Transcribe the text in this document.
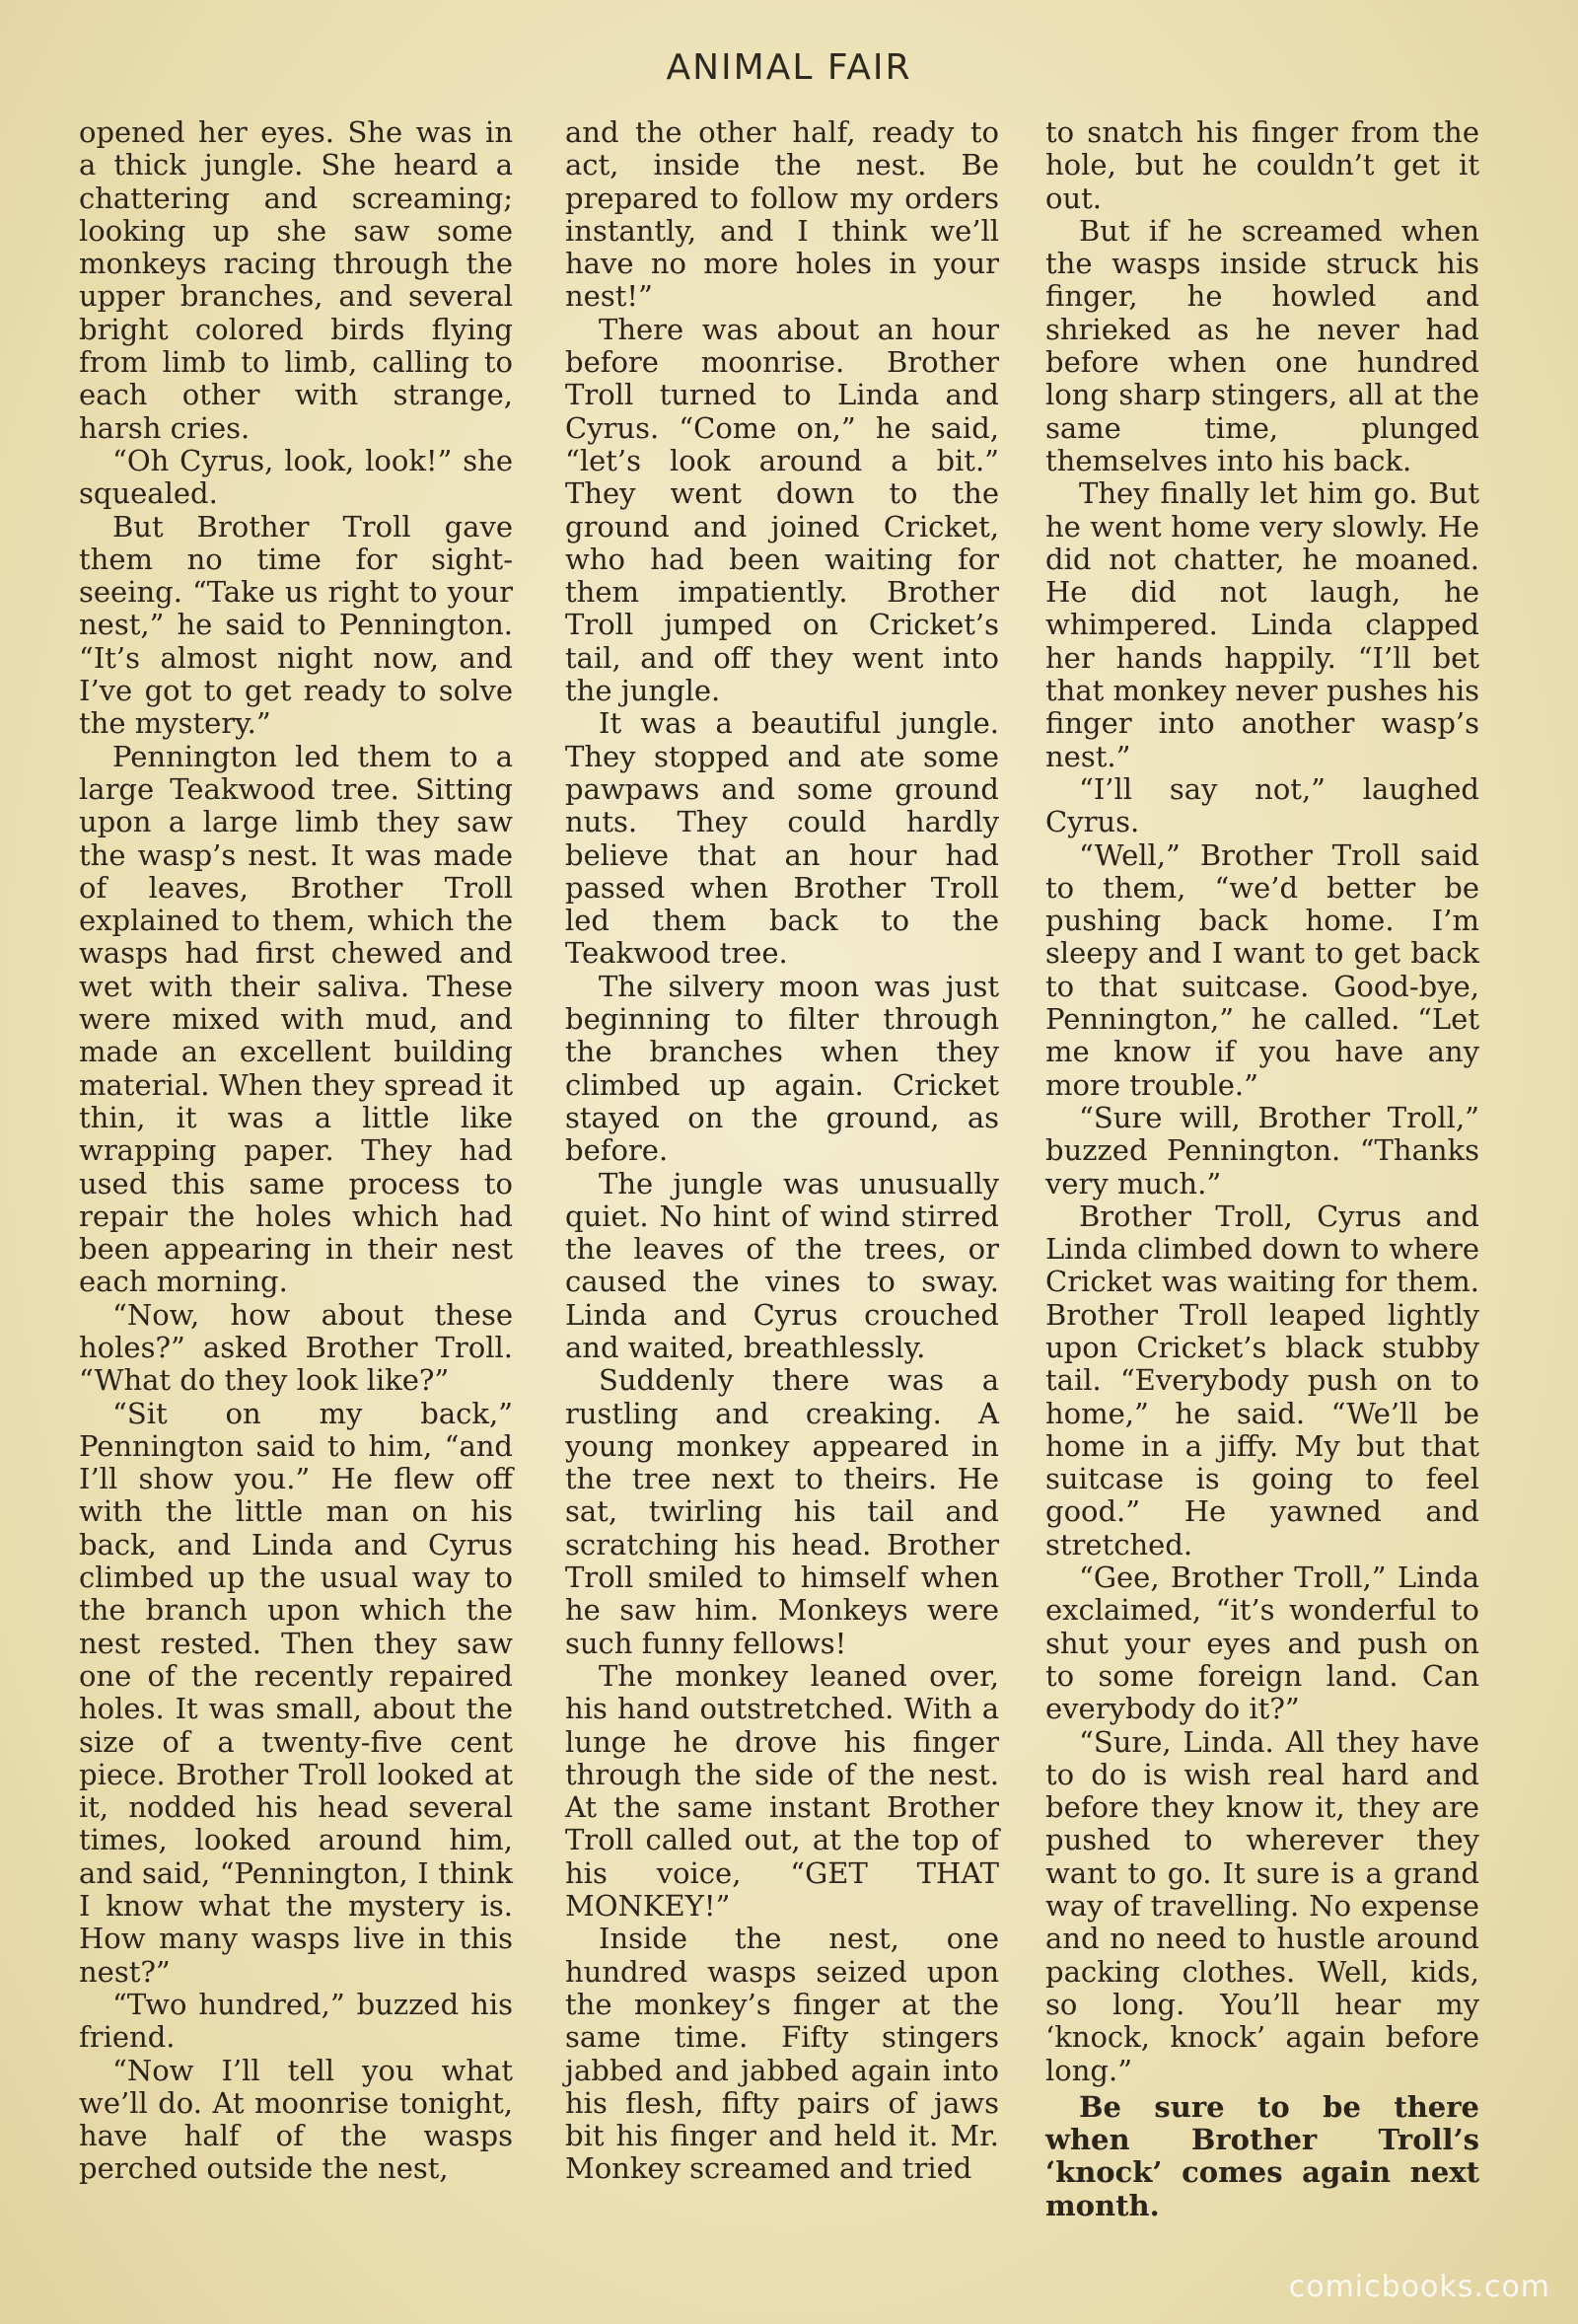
ANIMAL FAIR

opened her eyes. She was in a thick jungle. She heard a chattering and screaming; looking up she saw some monkeys racing through the upper branches, and several bright colored birds flying from limb to limb, calling to each other with strange, harsh cries.

“Oh Cyrus, look, look!” she squealed.

But Brother Troll gave them no time for sight-seeing. “Take us right to your nest,” he said to Pennington. “It’s almost night now, and I’ve got to get ready to solve the mystery.”

Pennington led them to a large Teakwood tree. Sitting upon a large limb they saw the wasp’s nest. It was made of leaves, Brother Troll explained to them, which the wasps had first chewed and wet with their saliva. These were mixed with mud, and made an excellent building material. When they spread it thin, it was a little like wrapping paper. They had used this same process to repair the holes which had been appearing in their nest each morning.

“Now, how about these holes?” asked Brother Troll. “What do they look like?”

“Sit on my back,” Pennington said to him, “and I’ll show you.” He flew off with the little man on his back, and Linda and Cyrus climbed up the usual way to the branch upon which the nest rested. Then they saw one of the recently repaired holes. It was small, about the size of a twenty-five cent piece. Brother Troll looked at it, nodded his head several times, looked around him, and said, “Pennington, I think I know what the mystery is. How many wasps live in this nest?”

“Two hundred,” buzzed his friend.

“Now I’ll tell you what we’ll do. At moonrise tonight, have half of the wasps perched outside the nest,

and the other half, ready to act, inside the nest. Be prepared to follow my orders instantly, and I think we’ll have no more holes in your nest!”

There was about an hour before moonrise. Brother Troll turned to Linda and Cyrus. “Come on,” he said, “let’s look around a bit.” They went down to the ground and joined Cricket, who had been waiting for them impatiently. Brother Troll jumped on Cricket’s tail, and off they went into the jungle.

It was a beautiful jungle. They stopped and ate some pawpaws and some ground nuts. They could hardly believe that an hour had passed when Brother Troll led them back to the Teakwood tree.

The silvery moon was just beginning to filter through the branches when they climbed up again. Cricket stayed on the ground, as before.

The jungle was unusually quiet. No hint of wind stirred the leaves of the trees, or caused the vines to sway. Linda and Cyrus crouched and waited, breathlessly.

Suddenly there was a rustling and creaking. A young monkey appeared in the tree next to theirs. He sat, twirling his tail and scratching his head. Brother Troll smiled to himself when he saw him. Monkeys were such funny fellows!

The monkey leaned over, his hand outstretched. With a lunge he drove his finger through the side of the nest. At the same instant Brother Troll called out, at the top of his voice, “GET THAT MONKEY!”

Inside the nest, one hundred wasps seized upon the monkey’s finger at the same time. Fifty stingers jabbed and jabbed again into his flesh, fifty pairs of jaws bit his finger and held it. Mr. Monkey screamed and tried

to snatch his finger from the hole, but he couldn’t get it out.

But if he screamed when the wasps inside struck his finger, he howled and shrieked as he never had before when one hundred long sharp stingers, all at the same time, plunged themselves into his back.

They finally let him go. But he went home very slowly. He did not chatter, he moaned. He did not laugh, he whimpered. Linda clapped her hands happily. “I’ll bet that monkey never pushes his finger into another wasp’s nest.”

“I’ll say not,” laughed Cyrus.

“Well,” Brother Troll said to them, “we’d better be pushing back home. I’m sleepy and I want to get back to that suitcase. Good-bye, Pennington,” he called. “Let me know if you have any more trouble.”

“Sure will, Brother Troll,” buzzed Pennington. “Thanks very much.”

Brother Troll, Cyrus and Linda climbed down to where Cricket was waiting for them. Brother Troll leaped lightly upon Cricket’s black stubby tail. “Everybody push on to home,” he said. “We’ll be home in a jiffy. My but that suitcase is going to feel good.” He yawned and stretched.

“Gee, Brother Troll,” Linda exclaimed, “it’s wonderful to shut your eyes and push on to some foreign land. Can everybody do it?”

“Sure, Linda. All they have to do is wish real hard and before they know it, they are pushed to wherever they want to go. It sure is a grand way of travelling. No expense and no need to hustle around packing clothes. Well, kids, so long. You’ll hear my ‘knock, knock’ again before long.”

Be sure to be there when Brother Troll’s ‘knock’ comes again next month.

comicbooks.com
